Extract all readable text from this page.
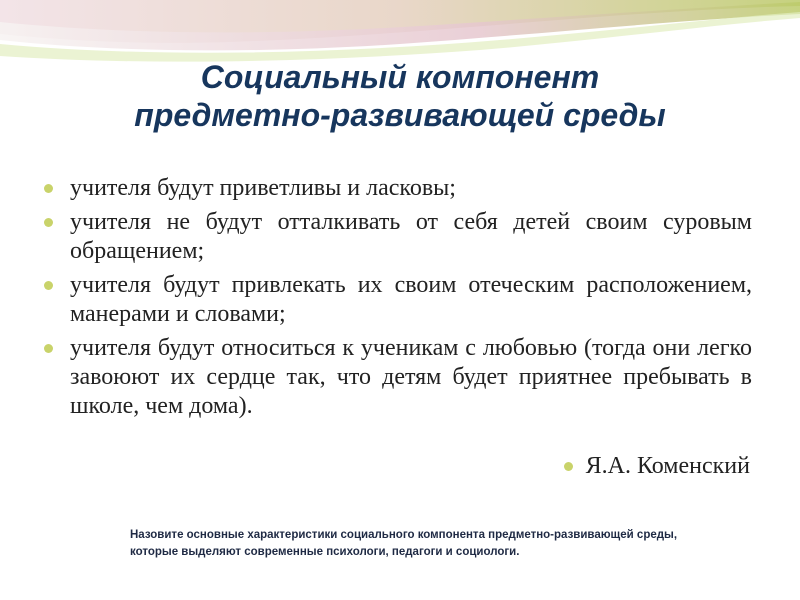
Социальный компонент
предметно-развивающей среды
учителя будут приветливы и ласковы;
учителя не будут отталкивать от себя детей своим суровым обращением;
учителя будут привлекать их своим отеческим расположением, манерами и словами;
учителя будут относиться к ученикам с любовью (тогда они легко завоюют их сердце так, что детям будет приятнее пребывать в школе, чем дома).
Я.А. Коменский
Назовите основные характеристики социального компонента предметно-развивающей среды,
которые выделяют современные психологи, педагоги и социологи.
